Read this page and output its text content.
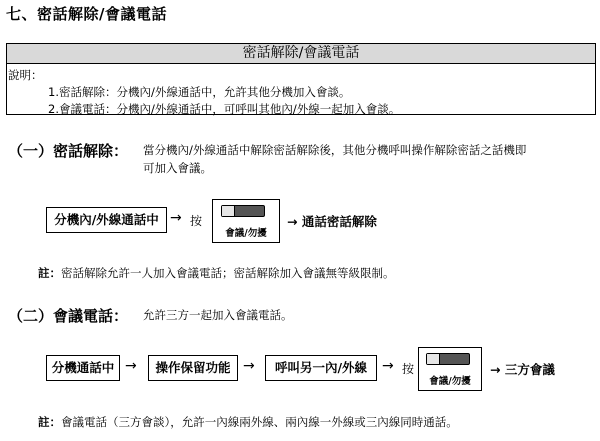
七、密話解除/會議電話
密話解除/會議電話
說明：
1.密話解除：分機內/外線通話中，允許其他分機加入會談。
2.會議電話：分機內/外線通話中，可呼叫其他內/外線一起加入會談。
（一）密話解除： 當分機內/外線通話中解除密話解除後，其他分機呼叫操作解除密話之話機即
可加入會議。
分機內/外線通話中 → 按
會議/勿擾
→ 通話密話解除
註：密話解除允許一人加入會議電話；密話解除加入會議無等級限制。
（二）會議電話： 允許三方一起加入會議電話。
分機通話中 →	操作保留功能 →	呼叫另一內/外線	→ 按
會議/勿擾
→ 三方會議
註：會議電話（三方會談），允許一內線兩外線、兩內線一外線或三內線同時通話。
